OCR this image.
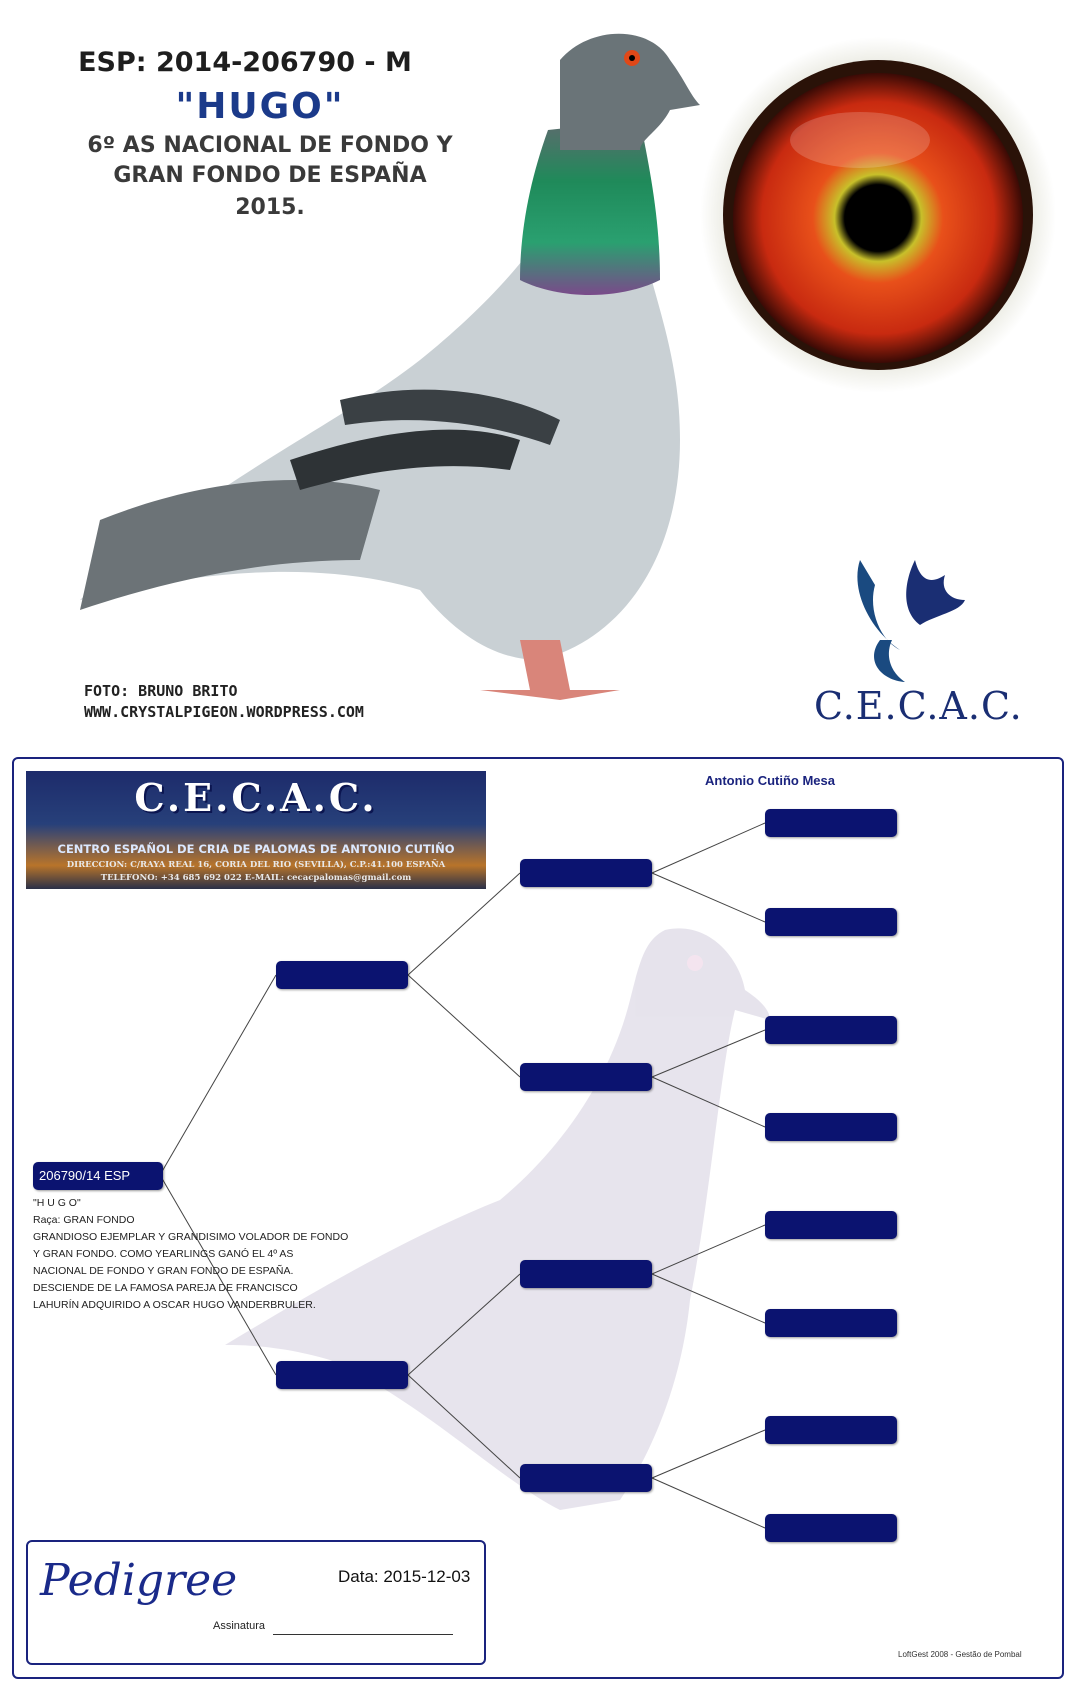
ESP: 2014-206790 - M
"HUGO"
6º AS NACIONAL DE FONDO Y
GRAN FONDO DE ESPAÑA
2015.
FOTO: BRUNO BRITO
WWW.CRYSTALPIGEON.WORDPRESS.COM	C.E.C.A.C.
C.E.C.A.C.
CENTRO ESPAÑOL DE CRIA DE PALOMAS DE ANTONIO CUTIÑO
DIRECCION: C/RAYA REAL 16, CORIA DEL RIO (SEVILLA), C.P.:41.100 ESPAÑA
TELEFONO: +34 685 692 022 E-MAIL: cecacpalomas@gmail.com
Antonio Cutiño Mesa
206790/14 ESP
"H U G O"
Raça: GRAN FONDO
GRANDIOSO EJEMPLAR Y GRANDISIMO VOLADOR DE FONDO
Y GRAN FONDO. COMO YEARLINGS GANÓ EL 4º AS
NACIONAL DE FONDO Y GRAN FONDO DE ESPAÑA.
DESCIENDE DE LA FAMOSA PAREJA DE FRANCISCO
LAHURÍN ADQUIRIDO A OSCAR HUGO VANDERBRULER.
Pedigree	Data: 2015-12-03
Assinatura
LoftGest 2008 - Gestão de Pombal
